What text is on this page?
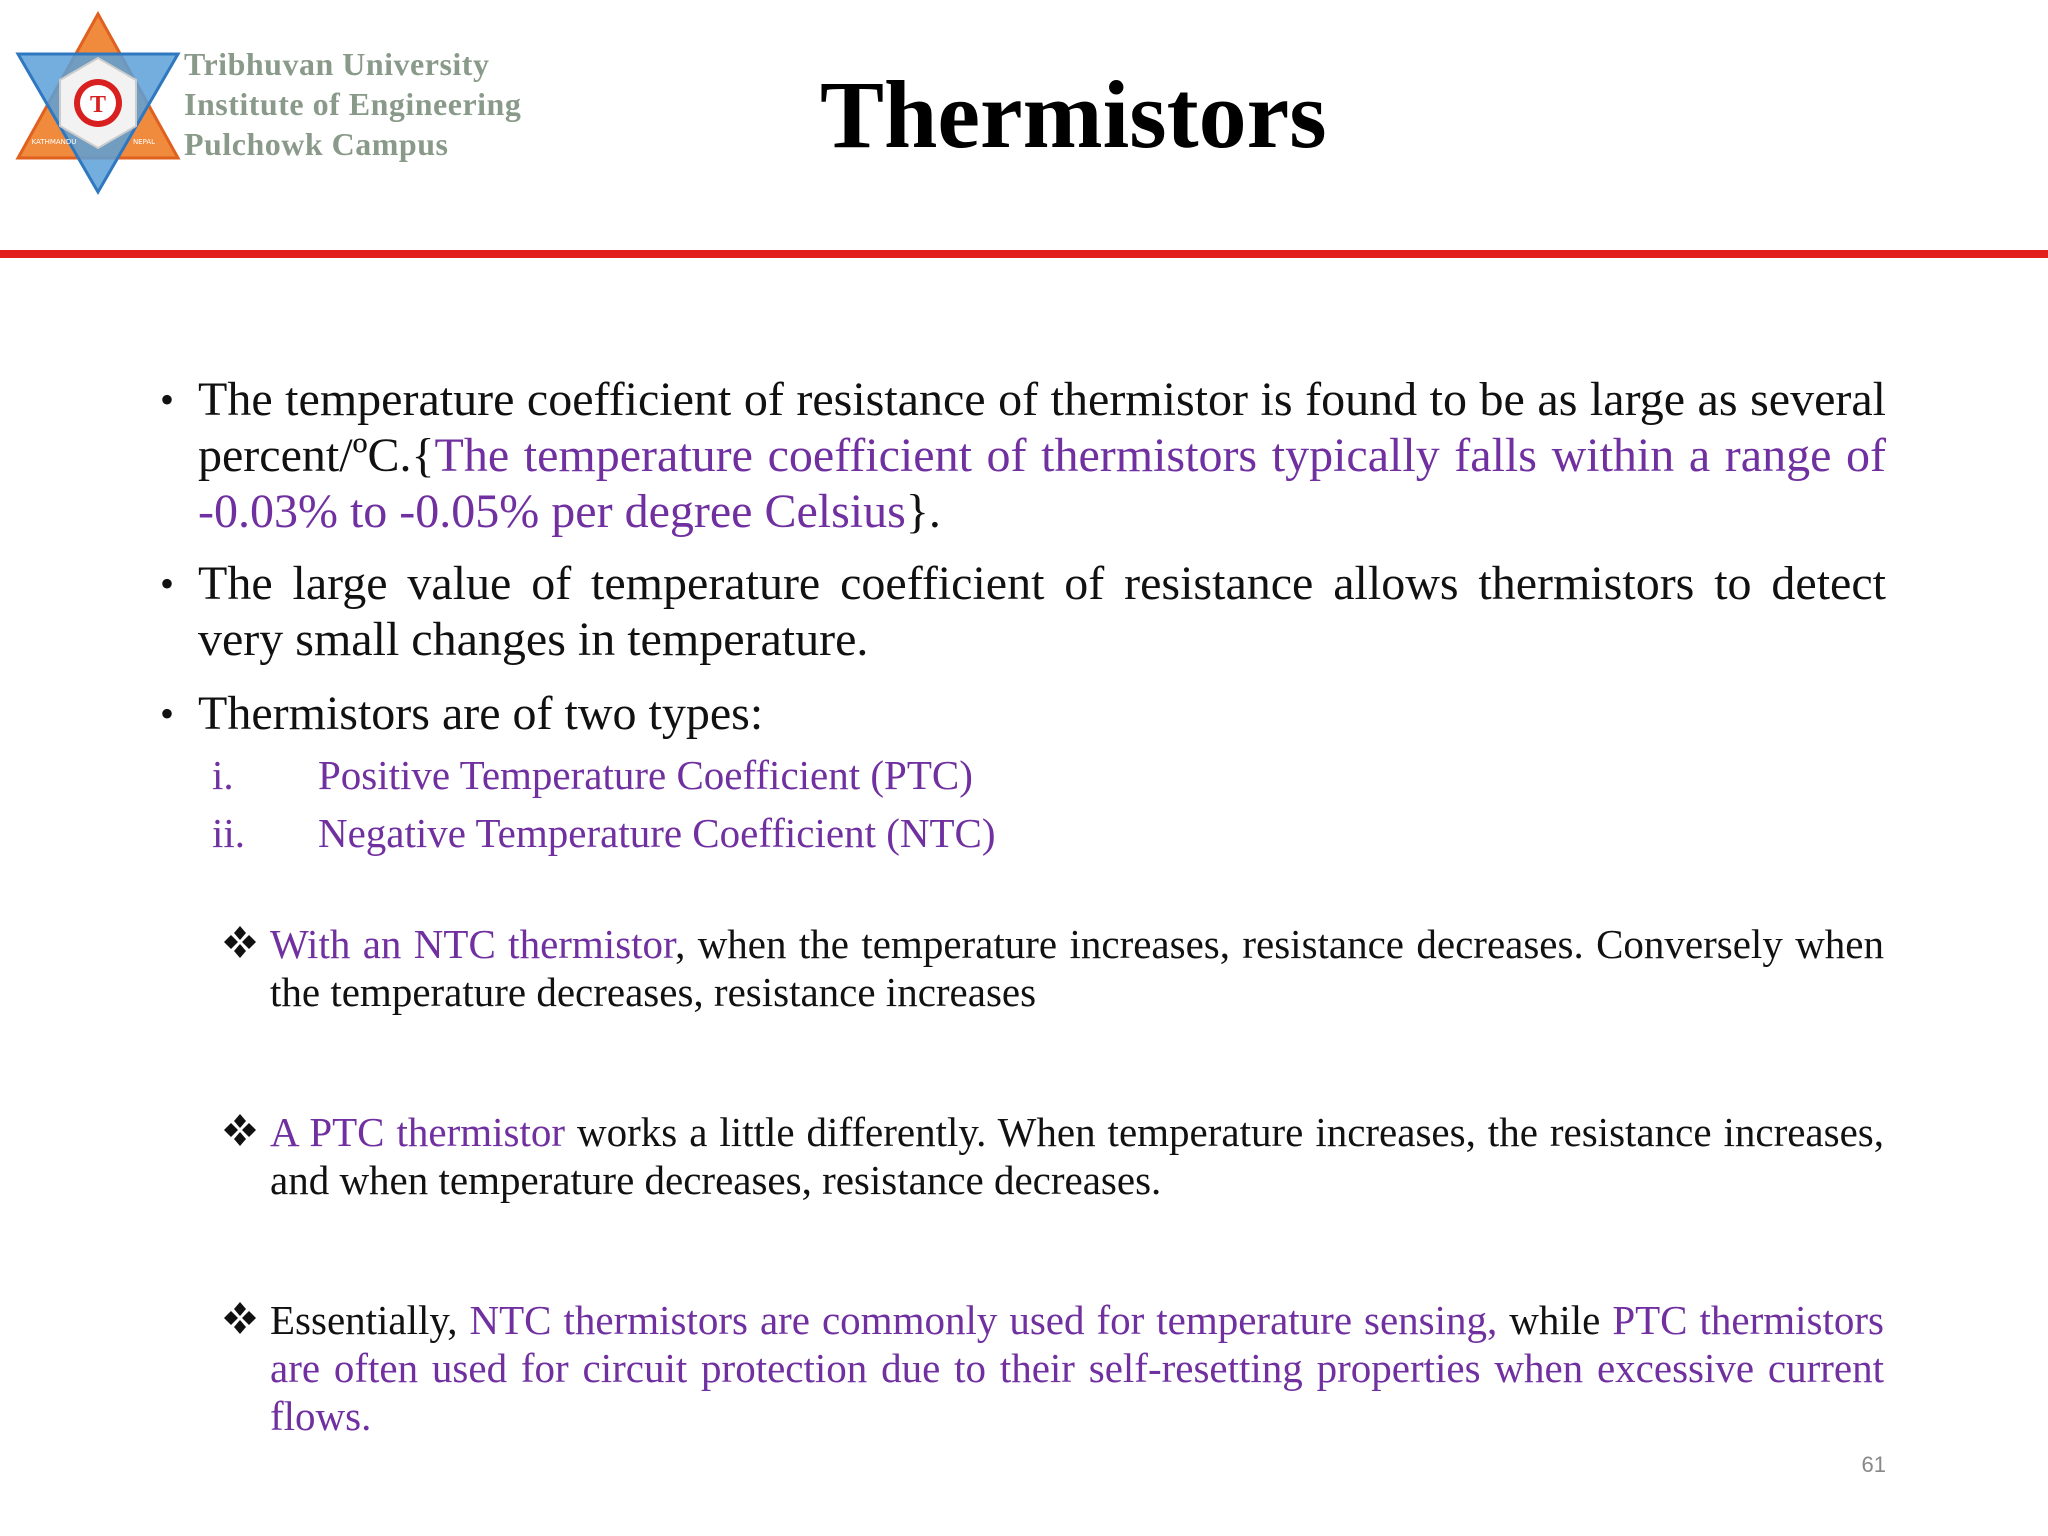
T
KATHMANDU	NEPAL
Tribhuvan University
Institute of Engineering
Pulchowk Campus	Thermistors
• The temperature coefficient of resistance of thermistor is found to be as large as several percent/ºC.{The temperature coefficient of thermistors typically falls within a range of -0.03% to -0.05% per degree Celsius}.
• The large value of temperature coefficient of resistance allows thermistors to detect very small changes in temperature.
• Thermistors are of two types:
i. Positive Temperature Coefficient (PTC)
ii. Negative Temperature Coefficient (NTC)
With an NTC thermistor, when the temperature increases, resistance decreases. Conversely when the temperature decreases, resistance increases
A PTC thermistor works a little differently. When temperature increases, the resistance increases, and when temperature decreases, resistance decreases.
Essentially, NTC thermistors are commonly used for temperature sensing, while PTC thermistors are often used for circuit protection due to their self-resetting properties when excessive current flows.
61
